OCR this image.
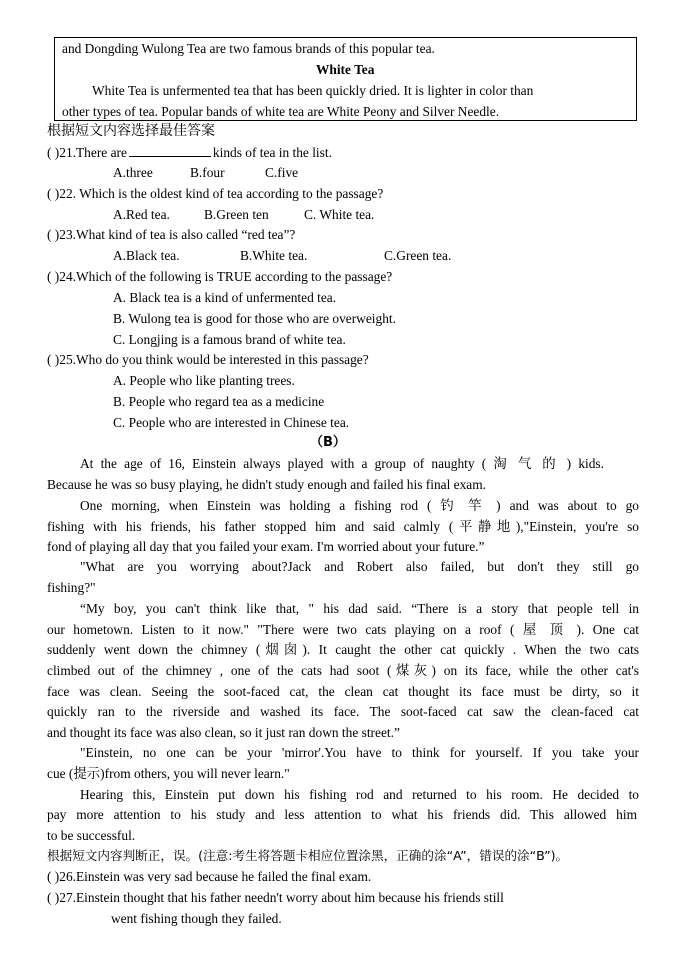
and Dongding Wulong Tea are two famous brands of this popular tea.
White Tea
White Tea is unfermented tea that has been quickly dried. It is lighter in color than
other types of tea. Popular bands of white tea are White Peony and Silver Needle.
根据短文内容选择最佳答案
( )21.There are	kinds of tea in the list.
A.three	B.four	C.five
( )22. Which is the oldest kind of tea according to the passage?
A.Red tea.	B.Green ten	C. White tea.
( )23.What kind of tea is also called “red tea”?
A.Black tea.	B.White tea.	C.Green tea.
( )24.Which of the following is TRUE according to the passage?
A. Black tea is a kind of unfermented tea.
B. Wulong tea is good for those who are overweight.
C. Longjing is a famous brand of white tea.
( )25.Who do you think would be interested in this passage?
A. People who like planting trees.
B. People who regard tea as a medicine
C. People who are interested in Chinese tea.
（B）
At the age of 16, Einstein always played with a group of naughty ( 淘 气 的 ) kids.
Because he was so busy playing, he didn't study enough and failed his final exam.
One morning, when Einstein was holding a fishing rod ( 钓 竿 ) and was about to go
fishing with his friends, his father stopped him and said calmly (平静地),"Einstein, you're so
fond of playing all day that you failed your exam. I'm worried about your future.”
"What are you worrying about?Jack and Robert also failed, but don't they still go
fishing?"
“My boy, you can't think like that, " his dad said. “There is a story that people tell in
our hometown. Listen to it now." "There were two cats playing on a roof ( 屋 顶 ). One cat
suddenly went down the chimney (烟囱). It caught the other cat quickly . When the two cats
climbed out of the chimney , one of the cats had soot (煤灰) on its face, while the other cat's
face was clean. Seeing the soot-faced cat, the clean cat thought its face must be dirty, so it
quickly ran to the riverside and washed its face. The soot-faced cat saw the clean-faced cat
and thought its face was also clean, so it just ran down the street.”
"Einstein, no one can be your 'mirror'.You have to think for yourself. If you take your
cue (提示)from others, you will never learn."
Hearing this, Einstein put down his fishing rod and returned to his room. He decided to
pay more attention to his study and less attention to what his friends did. This allowed him
to be successful.
根据短文内容判断正，误。(注意:考生将答题卡相应位置涂黑，正确的涂“A”，错误的涂“B”)。
( )26.Einstein was very sad because he failed the final exam.
( )27.Einstein thought that his father needn't worry about him because his friends still
went fishing though they failed.
